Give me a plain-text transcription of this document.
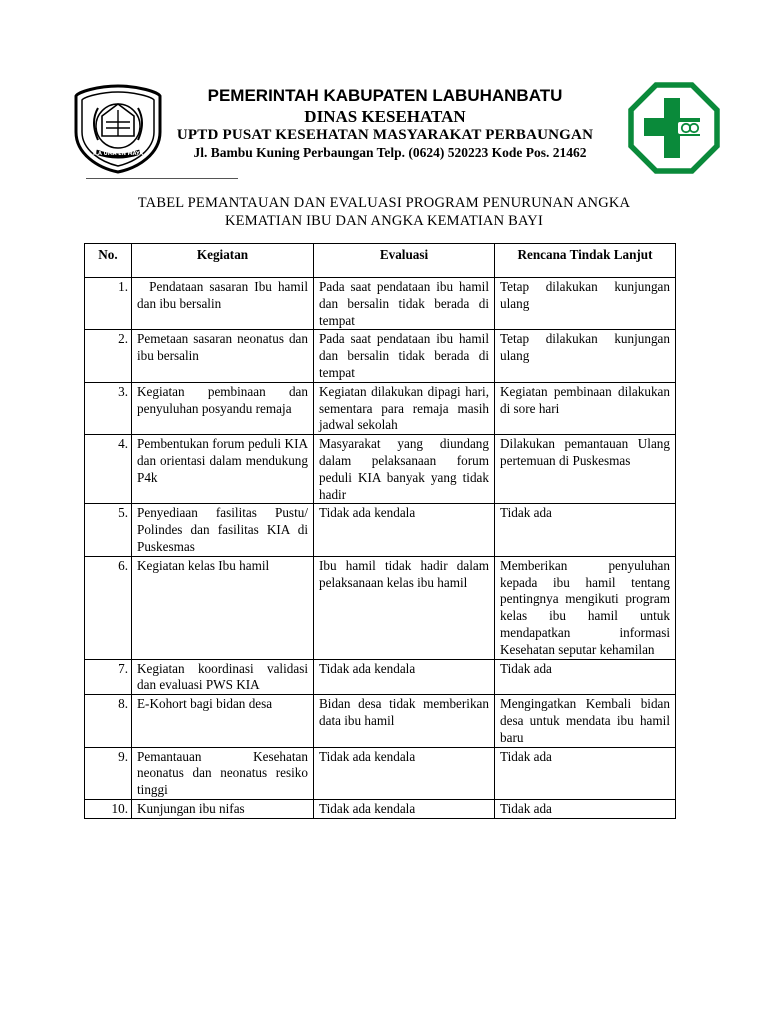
ILA UMA EN MAYA
PEMERINTAH KABUPATEN LABUHANBATU
DINAS KESEHATAN
UPTD PUSAT KESEHATAN MASYARAKAT PERBAUNGAN
Jl. Bambu Kuning Perbaungan Telp. (0624) 520223 Kode Pos. 21462
TABEL PEMANTAUAN DAN EVALUASI PROGRAM PENURUNAN ANGKA
KEMATIAN IBU DAN ANGKA KEMATIAN BAYI
No.	Kegiatan	Evaluasi	Rencana Tindak Lanjut
1.	Pendataan sasaran Ibu hamil dan ibu bersalin	Pada saat pendataan ibu hamil dan bersalin tidak berada di tempat	Tetap dilakukan kunjungan ulang
2.	Pemetaan sasaran neonatus dan ibu bersalin	Pada saat pendataan ibu hamil dan bersalin tidak berada di tempat	Tetap dilakukan kunjungan ulang
3.	Kegiatan pembinaan dan penyuluhan posyandu remaja	Kegiatan dilakukan dipagi hari, sementara para remaja masih jadwal sekolah	Kegiatan pembinaan dilakukan di sore hari
4.	Pembentukan forum peduli KIA dan orientasi dalam mendukung P4k	Masyarakat yang diundang dalam pelaksanaan forum peduli KIA banyak yang tidak hadir	Dilakukan pemantauan Ulang pertemuan di Puskesmas
5.	Penyediaan fasilitas Pustu/ Polindes dan fasilitas KIA di Puskesmas	Tidak ada kendala	Tidak ada
6.	Kegiatan kelas Ibu hamil	Ibu hamil tidak hadir dalam pelaksanaan kelas ibu hamil	Memberikan penyuluhan kepada ibu hamil tentang pentingnya mengikuti program kelas ibu hamil untuk mendapatkan informasi Kesehatan seputar kehamilan
7.	Kegiatan koordinasi validasi dan evaluasi PWS KIA	Tidak ada kendala	Tidak ada
8.	E-Kohort bagi bidan desa	Bidan desa tidak memberikan data ibu hamil	Mengingatkan Kembali bidan desa untuk mendata ibu hamil baru
9.	Pemantauan Kesehatan neonatus dan neonatus resiko tinggi	Tidak ada kendala	Tidak ada
10.	Kunjungan ibu nifas	Tidak ada kendala	Tidak ada
